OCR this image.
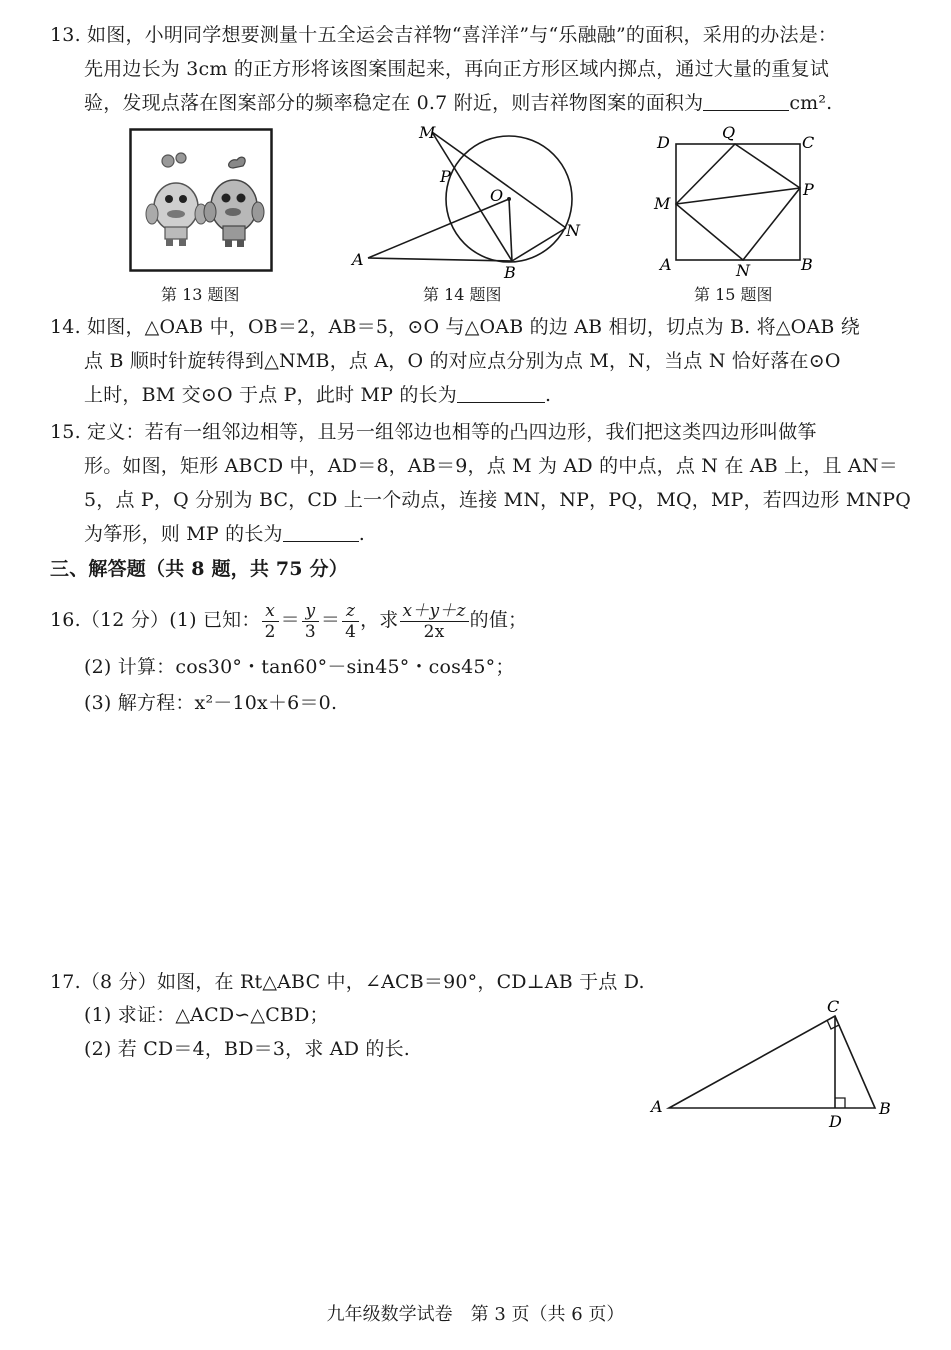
13. 如图，小明同学想要测量十五全运会吉祥物“喜洋洋”与“乐融融”的面积，采用的办法是：
先用边长为 3cm 的正方形将该图案围起来，再向正方形区域内掷点，通过大量的重复试
验，发现点落在图案部分的频率稳定在 0.7 附近，则吉祥物图案的面积为	cm².
第 13 题图
M
P
O
N
A
B
第 14 题图
D
Q
C
M
P
A	N	B
第 15 题图
14. 如图，△OAB 中，OB＝2，AB＝5，⊙O 与△OAB 的边 AB 相切，切点为 B. 将△OAB 绕
点 B 顺时针旋转得到△NMB，点 A，O 的对应点分别为点 M，N，当点 N 恰好落在⊙O
上时，BM 交⊙O 于点 P，此时 MP 的长为	.
15. 定义：若有一组邻边相等，且另一组邻边也相等的凸四边形，我们把这类四边形叫做筝
形。如图，矩形 ABCD 中，AD＝8，AB＝9，点 M 为 AD 的中点，点 N 在 AB 上，且 AN＝
5，点 P，Q 分别为 BC，CD 上一个动点，连接 MN，NP，PQ，MQ，MP，若四边形 MNPQ
为筝形，则 MP 的长为	.
三、解答题（共 8 题，共 75 分）
16.（12 分）(1) 已知： $\frac{x}{2} = \frac{y}{3} = \frac{z}{4}$ ，求 $\frac{x+y+z}{2x}$ 的值；
(2) 计算：cos30°・tan60°－sin45°・cos45°；
(3) 解方程：x²－10x＋6＝0.
17.（8 分）如图，在 Rt△ABC 中，∠ACB＝90°，CD⊥AB 于点 D.
(1) 求证：△ACD∽△CBD；
(2) 若 CD＝4，BD＝3，求 AD 的长.
C
A
D
B
九年级数学试卷　第 3 页（共 6 页）
